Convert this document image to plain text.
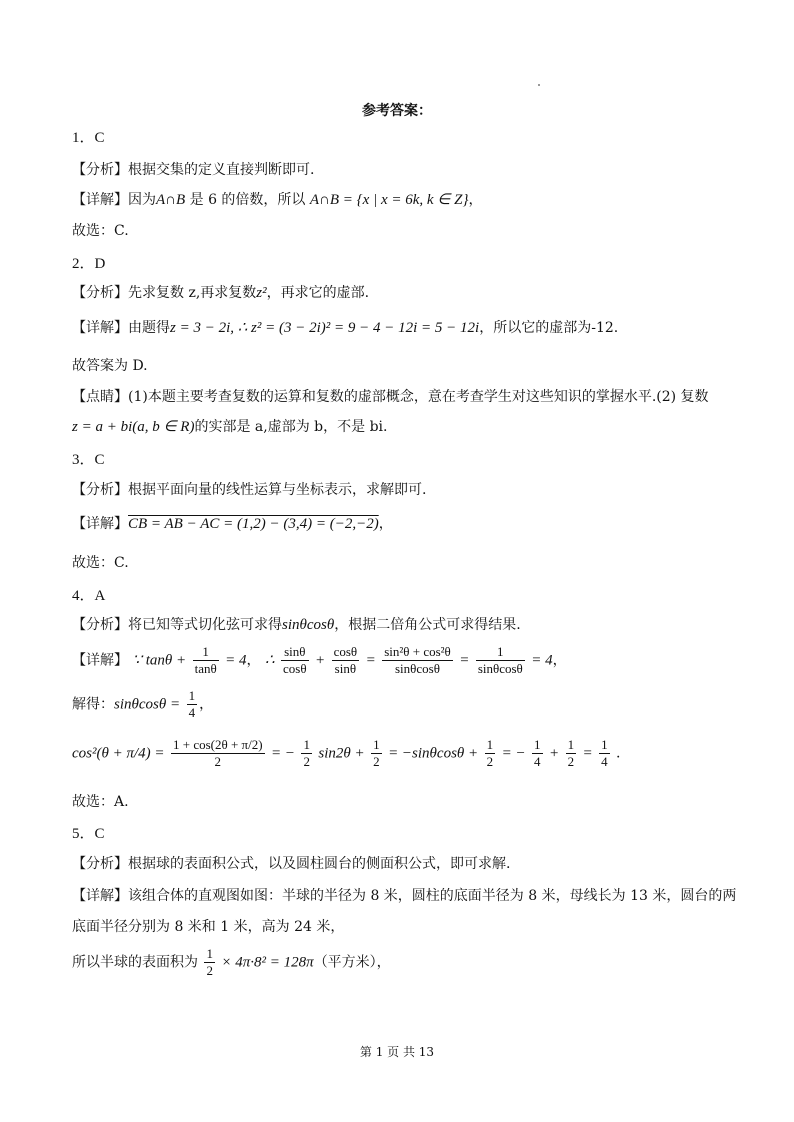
参考答案：
1．C
【分析】根据交集的定义直接判断即可.
【详解】因为A∩B 是 6 的倍数，所以 A∩B = {x | x = 6k, k ∈ Z}，
故选：C.
2．D
【分析】先求复数 z,再求复数z²，再求它的虚部.
【详解】由题得z = 3 − 2i, ∴ z² = (3 − 2i)² = 9 − 4 − 12i = 5 − 12i，所以它的虚部为-12.
故答案为 D.
【点睛】(1)本题主要考查复数的运算和复数的虚部概念，意在考查学生对这些知识的掌握水平.(2) 复数
z = a + bi(a, b ∈ R)的实部是 a,虚部为 b，不是 bi.
3．C
【分析】根据平面向量的线性运算与坐标表示，求解即可.
【详解】CB = AB − AC = (1,2) − (3,4) = (−2,−2)，
故选：C.
4．A
【分析】将已知等式切化弦可求得sinθcosθ，根据二倍角公式可求得结果.
【详解】 ∵ $\tan\theta + \frac{1}{\tan\theta} = 4$， ∴ $\frac{\sin\theta}{\cos\theta} + \frac{\cos\theta}{\sin\theta} = \frac{\text{sin²θ + cos²θ}}{\sin\theta\cos\theta} = \frac{1}{\sin\theta\cos\theta} = 4$，
解得：$\sin\theta\cos\theta = \frac{1}{4}$ ，
$\cos^2(\theta + \pi/4) = \frac{1 + \cos(2\theta + \pi/2)}{2}$ = − $\frac{1}{2} \sin 2\theta + \frac{1}{2} = -\sin\theta\cos\theta + \frac{1}{2}$ = − $\frac{1}{4} + \frac{1}{2} = \frac{1}{4}$ .
故选：A.
5．C
【分析】根据球的表面积公式，以及圆柱圆台的侧面积公式，即可求解.
【详解】该组合体的直观图如图：半球的半径为 8 米，圆柱的底面半径为 8 米，母线长为 13 米，圆台的两
底面半径分别为 8 米和 1 米，高为 24 米，
所以半球的表面积为 $\frac{1}{2} \times 4\pi\cdot 8^2 = 128\pi$（平方米），
第 1 页 共 13
